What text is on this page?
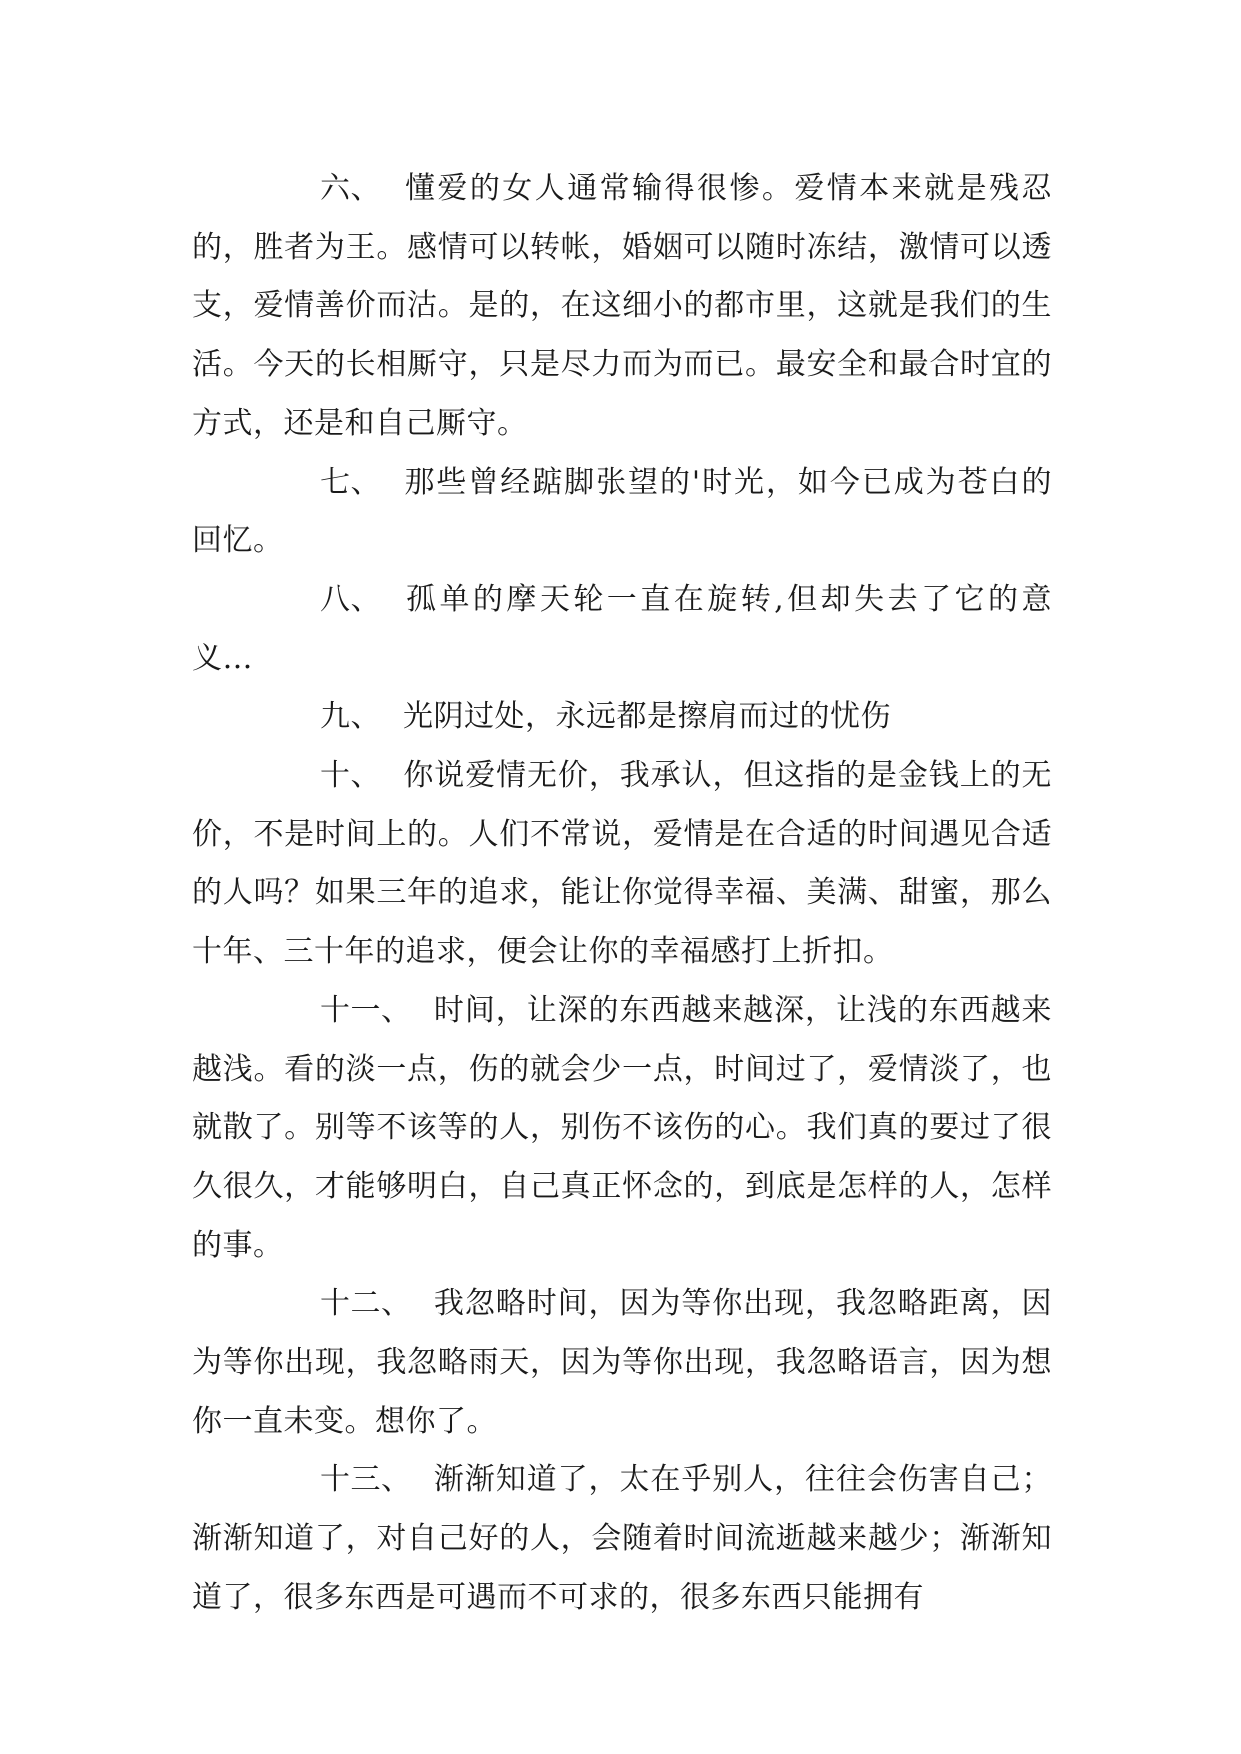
六、 懂爱的女人通常输得很惨。爱情本来就是残忍的，胜者为王。感情可以转帐，婚姻可以随时冻结，激情可以透支，爱情善价而沽。是的，在这细小的都市里，这就是我们的生活。今天的长相厮守，只是尽力而为而已。最安全和最合时宜的方式，还是和自己厮守。

七、 那些曾经踮脚张望的'时光，如今已成为苍白的回忆。

八、 孤单的摩天轮一直在旋转,但却失去了它的意义…

九、 光阴过处，永远都是擦肩而过的忧伤

十、 你说爱情无价，我承认，但这指的是金钱上的无价，不是时间上的。人们不常说，爱情是在合适的时间遇见合适的人吗？如果三年的追求，能让你觉得幸福、美满、甜蜜，那么十年、三十年的追求，便会让你的幸福感打上折扣。

十一、 时间，让深的东西越来越深，让浅的东西越来越浅。看的淡一点，伤的就会少一点，时间过了，爱情淡了，也就散了。别等不该等的人，别伤不该伤的心。我们真的要过了很久很久，才能够明白，自己真正怀念的，到底是怎样的人，怎样的事。

十二、 我忽略时间，因为等你出现，我忽略距离，因为等你出现，我忽略雨天，因为等你出现，我忽略语言，因为想你一直未变。想你了。

十三、 渐渐知道了，太在乎别人，往往会伤害自己；渐渐知道了，对自己好的人，会随着时间流逝越来越少；渐渐知道了，很多东西是可遇而不可求的，很多东西只能拥有
